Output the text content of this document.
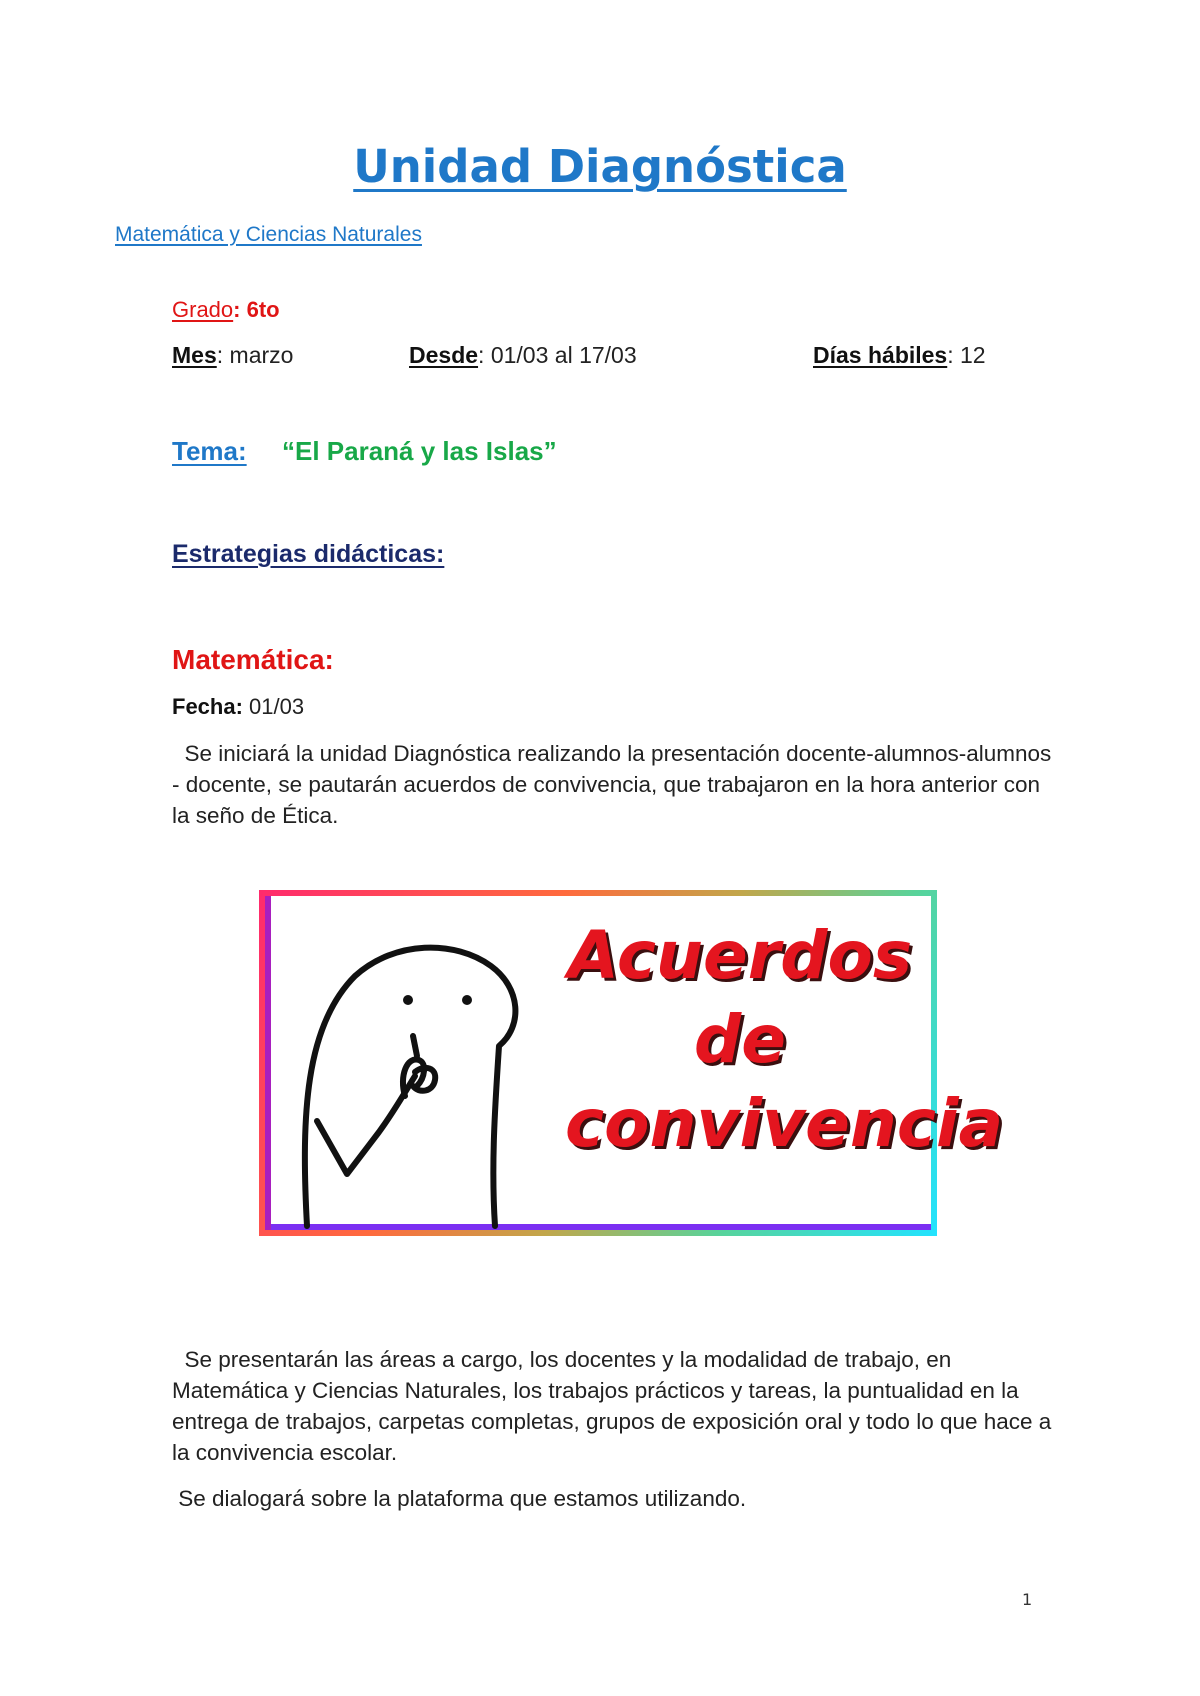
Unidad Diagnóstica
Matemática y Ciencias Naturales
Grado: 6to
Mes: marzo	Desde: 01/03 al 17/03	Días hábiles: 12
Tema: “El Paraná y las Islas”
Estrategias didácticas:
Matemática:
Fecha: 01/03
Se iniciará la unidad Diagnóstica realizando la presentación docente-alumnos-alumnos - docente, se pautarán acuerdos de convivencia, que trabajaron en la hora anterior con la seño de Ética.
Acuerdos
de
convivencia
Se presentarán las áreas a cargo, los docentes y la modalidad de trabajo, en Matemática y Ciencias Naturales, los trabajos prácticos y tareas, la puntualidad en la entrega de trabajos, carpetas completas, grupos de exposición oral y todo lo que hace a la convivencia escolar.
Se dialogará sobre la plataforma que estamos utilizando.
1
